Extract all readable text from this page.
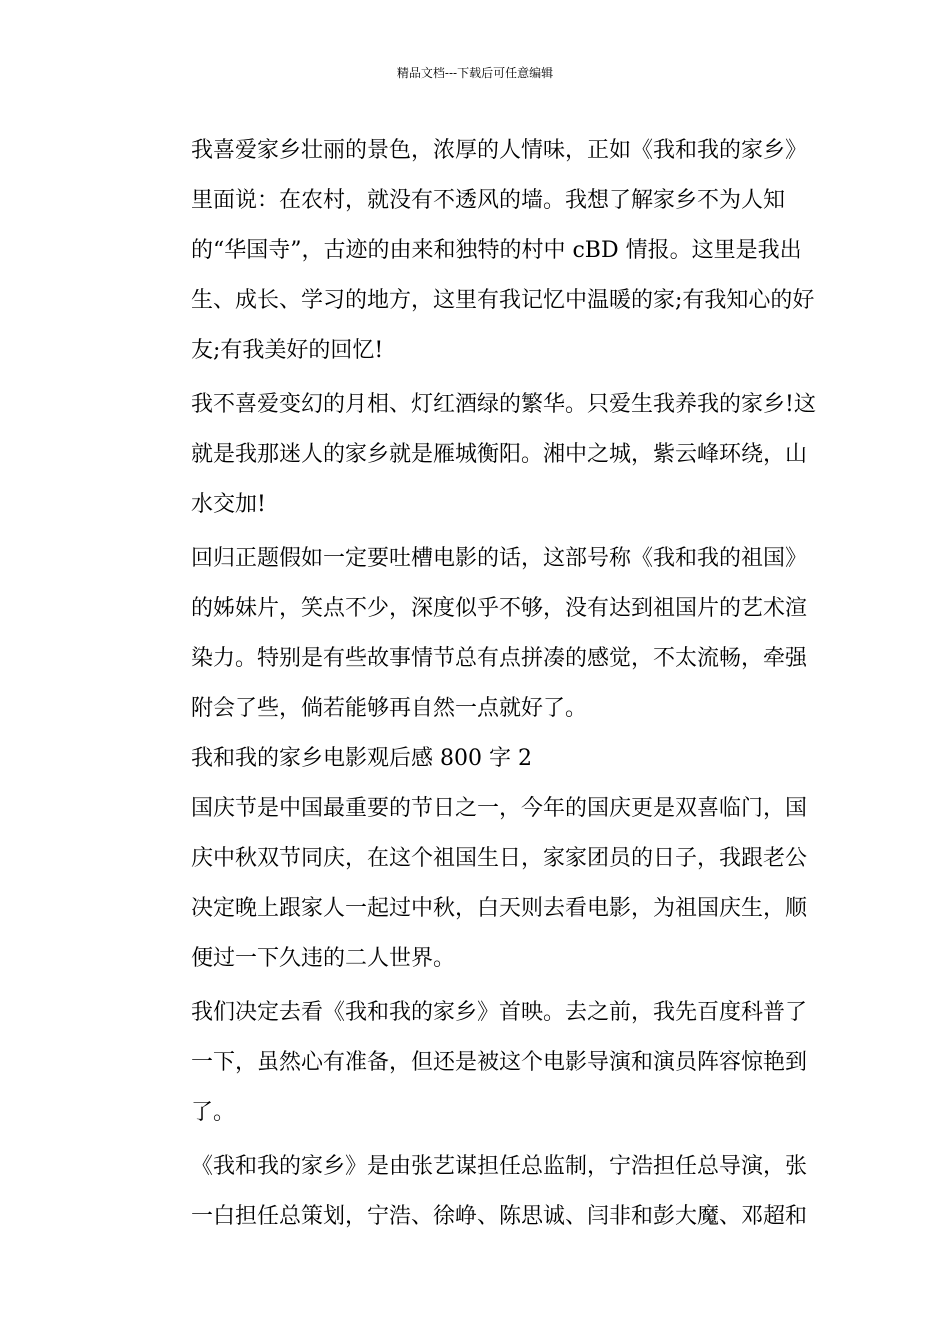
精品文档---下载后可任意编辑

我喜爱家乡壮丽的景色，浓厚的人情味，正如《我和我的家乡》里面说：在农村，就没有不透风的墙。我想了解家乡不为人知的“华国寺”，古迹的由来和独特的村中 cBD 情报。这里是我出生、成长、学习的地方，这里有我记忆中温暖的家;有我知心的好友;有我美好的回忆!

我不喜爱变幻的月相、灯红酒绿的繁华。只爱生我养我的家乡!这就是我那迷人的家乡就是雁城衡阳。湘中之城，紫云峰环绕，山水交加!

回归正题假如一定要吐槽电影的话，这部号称《我和我的祖国》的姊妹片，笑点不少，深度似乎不够，没有达到祖国片的艺术渲染力。特别是有些故事情节总有点拼凑的感觉，不太流畅，牵强附会了些，倘若能够再自然一点就好了。

我和我的家乡电影观后感 800 字 2

国庆节是中国最重要的节日之一，今年的国庆更是双喜临门，国庆中秋双节同庆，在这个祖国生日，家家团员的日子，我跟老公决定晚上跟家人一起过中秋，白天则去看电影，为祖国庆生，顺便过一下久违的二人世界。

我们决定去看《我和我的家乡》首映。去之前，我先百度科普了一下，虽然心有准备，但还是被这个电影导演和演员阵容惊艳到了。

《我和我的家乡》是由张艺谋担任总监制，宁浩担任总导演，张一白担任总策划，宁浩、徐峥、陈思诚、闫非和彭大魔、邓超和
